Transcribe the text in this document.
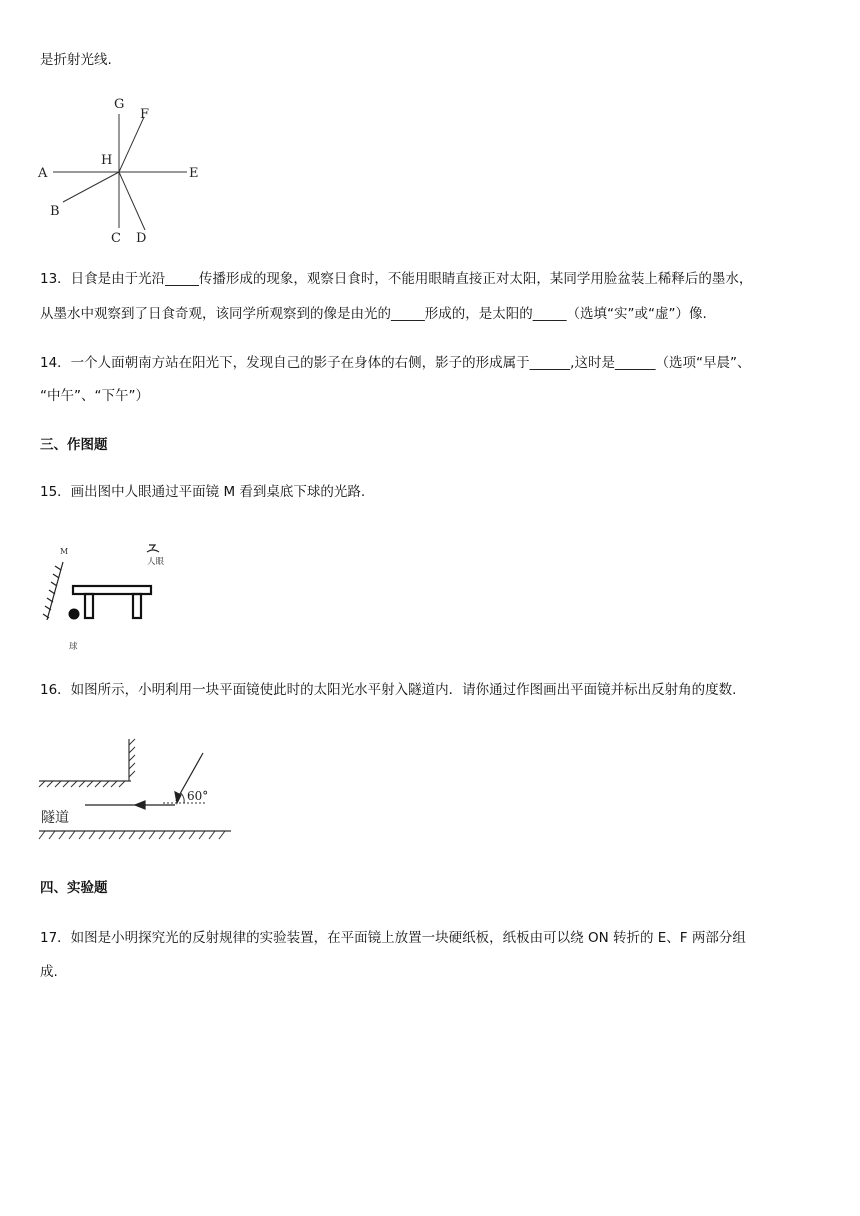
是折射光线.
G
F
H
A	E
B
C D
13．日食是由于光沿_____传播形成的现象，观察日食时，不能用眼睛直接正对太阳，某同学用脸盆装上稀释后的墨水，
从墨水中观察到了日食奇观，该同学所观察到的像是由光的_____形成的，是太阳的_____（选填“实”或“虚”）像.
14．一个人面朝南方站在阳光下，发现自己的影子在身体的右侧，影子的形成属于______,这时是______（选项“早晨”、
“中午”、“下午”）
三、作图题
15．画出图中人眼通过平面镜 M 看到桌底下球的光路.
M
人眼
球
16．如图所示，小明利用一块平面镜使此时的太阳光水平射入隧道内．请你通过作图画出平面镜并标出反射角的度数.
60°
隧道
四、实验题
17．如图是小明探究光的反射规律的实验装置，在平面镜上放置一块硬纸板，纸板由可以绕 ON 转折的 E、F 两部分组
成.
